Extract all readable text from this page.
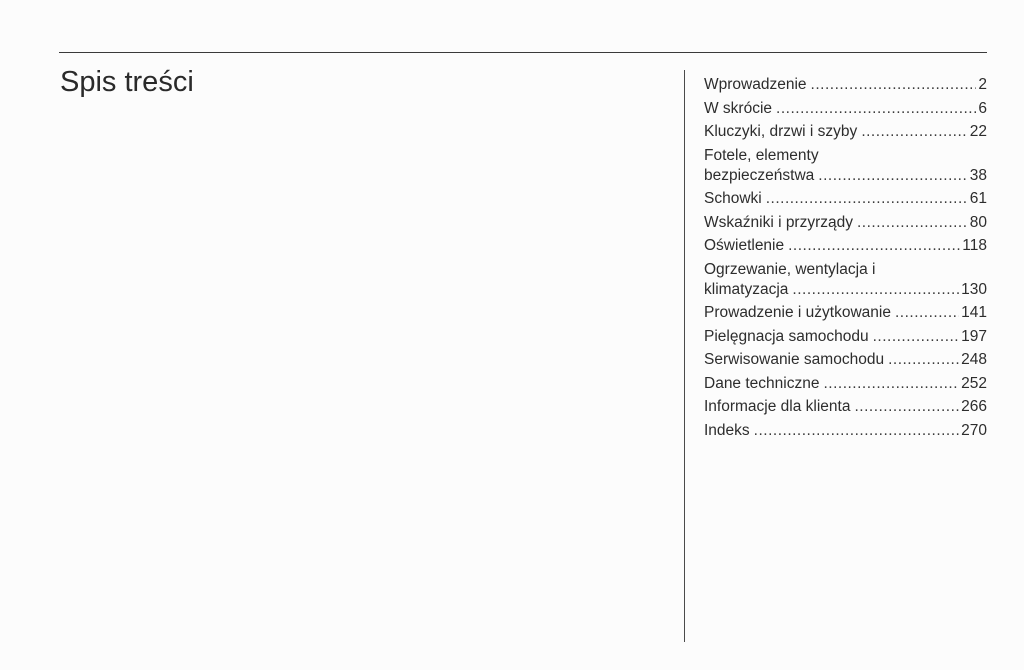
Spis treści	Wprowadzenie .....	2
W skrócie .....	6
Kluczyki, drzwi i szyby .....	22
Fotele, elementy
bezpieczeństwa .....	38
Schowki .....	61
Wskaźniki i przyrządy .....	80
Oświetlenie .....	118
Ogrzewanie, wentylacja i
klimatyzacja .....	130
Prowadzenie i użytkowanie .....	141
Pielęgnacja samochodu .....	197
Serwisowanie samochodu .....	248
Dane techniczne .....	252
Informacje dla klienta .....	266
Indeks .....	270
